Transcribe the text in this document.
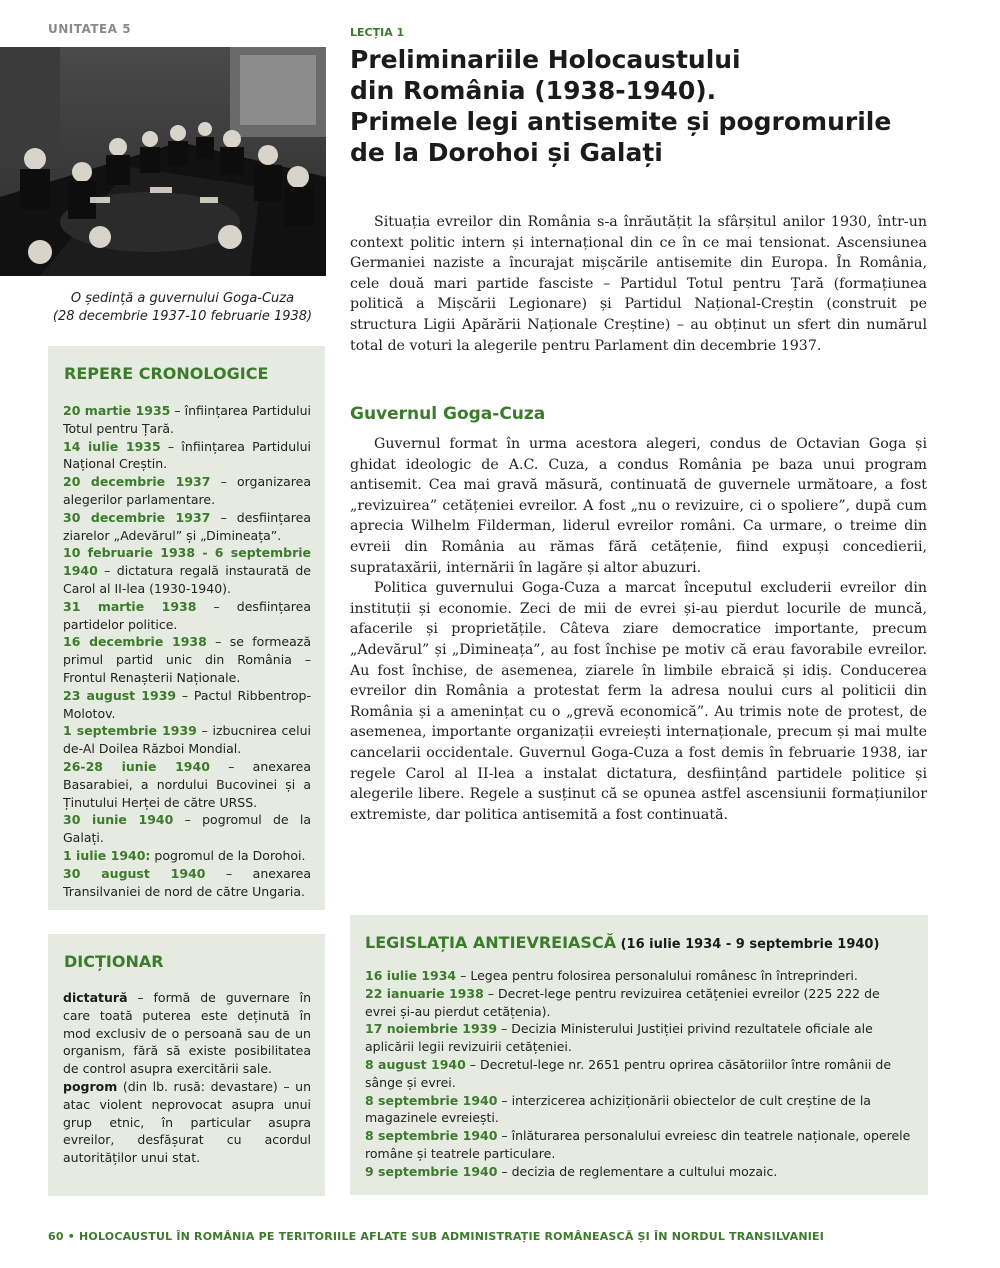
UNITATEA 5	LECȚIA 1
Preliminariile Holocaustului
din România (1938-1940).
Primele legi antisemite și pogromurile
de la Dorohoi și Galați
O ședință a guvernului Goga-Cuza
(28 decembrie 1937-10 februarie 1938)
REPERE CRONOLOGICE

20 martie 1935 – înființarea Partidului Totul pentru Țară.

14 iulie 1935 – înființarea Partidului Național Creștin.

20 decembrie 1937 – organizarea alegerilor parlamentare.

30 decembrie 1937 – desființarea ziarelor „Adevărul” și „Dimineața”.

10 februarie 1938 - 6 septembrie 1940 – dictatura regală instaurată de Carol al II-lea (1930-1940).

31 martie 1938 – desființarea partidelor politice.

16 decembrie 1938 – se formează primul partid unic din România – Frontul Renașterii Naționale.

23 august 1939 – Pactul Ribbentrop-Molotov.

1 septembrie 1939 – izbucnirea celui de-Al Doilea Război Mondial.

26-28 iunie 1940 – anexarea Basarabiei, a nordului Bucovinei și a Ținutului Herței de către URSS.

30 iunie 1940 – pogromul de la Galați.

1 iulie 1940: pogromul de la Dorohoi.

30 august 1940 – anexarea Transilvaniei de nord de către Ungaria.

DICȚIONAR

dictatură – formă de guvernare în care toată puterea este deținută în mod exclusiv de o persoană sau de un organism, fără să existe posibilitatea de control asupra exercitării sale.

pogrom (din lb. rusă: devastare) – un atac violent neprovocat asupra unui grup etnic, în particular asupra evreilor, desfășurat cu acordul autorităților unui stat.

Situația evreilor din România s-a înrăutățit la sfârșitul anilor 1930, într-un context politic intern și internațional din ce în ce mai tensionat. Ascensiunea Germaniei naziste a încurajat mișcările antisemite din Europa. În România, cele două mari partide fasciste – Partidul Totul pentru Țară (formațiunea politică a Mișcării Legionare) și Partidul Național-Creștin (construit pe structura Ligii Apărării Naționale Creștine) – au obținut un sfert din numărul total de voturi la alegerile pentru Parlament din decembrie 1937.

Guvernul Goga-Cuza

Guvernul format în urma acestora alegeri, condus de Octavian Goga și ghidat ideologic de A.C. Cuza, a condus România pe baza unui program antisemit. Cea mai gravă măsură, continuată de guvernele următoare, a fost „revizuirea” cetățeniei evreilor. A fost „nu o revizuire, ci o spoliere”, după cum aprecia Wilhelm Filderman, liderul evreilor români. Ca urmare, o treime din evreii din România au rămas fără cetățenie, fiind expuși concedierii, suprataxării, internării în lagăre și altor abuzuri.

Politica guvernului Goga-Cuza a marcat începutul excluderii evreilor din instituții și economie. Zeci de mii de evrei și-au pierdut locurile de muncă, afacerile și proprietățile. Câteva ziare democratice importante, precum „Adevărul” și „Dimineața”, au fost închise pe motiv că erau favorabile evreilor. Au fost închise, de asemenea, ziarele în limbile ebraică și idiș. Conducerea evreilor din România a protestat ferm la adresa noului curs al politicii din România și a amenințat cu o „grevă economică”. Au trimis note de protest, de asemenea, importante organizații evreiești internaționale, precum și mai multe cancelarii occidentale. Guvernul Goga-Cuza a fost demis în februarie 1938, iar regele Carol al II-lea a instalat dictatura, desființând partidele politice și alegerile libere. Regele a susținut că se opunea astfel ascensiunii formațiunilor extremiste, dar politica antisemită a fost continuată.

LEGISLAȚIA ANTIEVREIASCĂ (16 iulie 1934 - 9 septembrie 1940)

16 iulie 1934 – Legea pentru folosirea personalului românesc în întreprinderi.

22 ianuarie 1938 – Decret-lege pentru revizuirea cetățeniei evreilor (225 222 de evrei și-au pierdut cetățenia).

17 noiembrie 1939 – Decizia Ministerului Justiției privind rezultatele oficiale ale aplicării legii revizuirii cetățeniei.

8 august 1940 – Decretul-lege nr. 2651 pentru oprirea căsătoriilor între românii de sânge și evrei.

8 septembrie 1940 – interzicerea achiziționării obiectelor de cult creștine de la magazinele evreiești.

8 septembrie 1940 – înlăturarea personalului evreiesc din teatrele naționale, operele române și teatrele particulare.

9 septembrie 1940 – decizia de reglementare a cultului mozaic.

60 • HOLOCAUSTUL ÎN ROMÂNIA PE TERITORIILE AFLATE SUB ADMINISTRAȚIE ROMÂNEASCĂ ȘI ÎN NORDUL TRANSILVANIEI
